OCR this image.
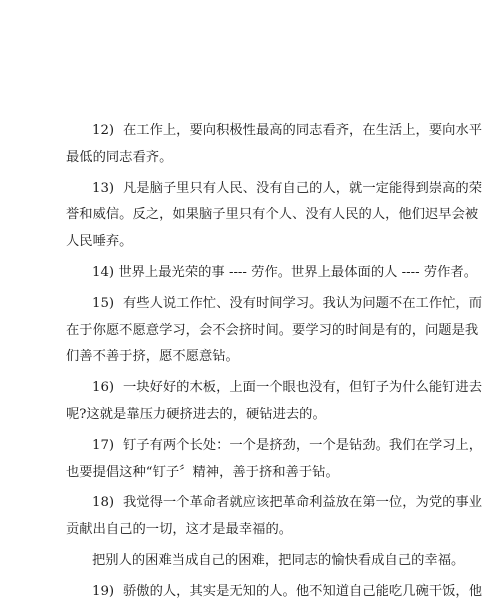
12) 在工作上，要向积极性最高的同志看齐，在生活上，要向水平
最低的同志看齐。

13) 凡是脑子里只有人民、没有自己的人，就一定能得到崇高的荣
誉和威信。反之，如果脑子里只有个人、没有人民的人，他们迟早会被
人民唾弃。

14) 世界上最光荣的事 ---- 劳作。世界上最体面的人 ---- 劳作者。

15) 有些人说工作忙、没有时间学习。我认为问题不在工作忙，而
在于你愿不愿意学习，会不会挤时间。要学习的时间是有的，问题是我
们善不善于挤，愿不愿意钻。

16) 一块好好的木板，上面一个眼也没有，但钉子为什么能钉进去
呢?这就是靠压力硬挤进去的，硬钻进去的。

17) 钉子有两个长处：一个是挤劲，一个是钻劲。我们在学习上，
也要提倡这种“钉子〞精神，善于挤和善于钻。

18) 我觉得一个革命者就应该把革命利益放在第一位，为党的事业
贡献出自己的一切，这才是最幸福的。

把别人的困难当成自己的困难，把同志的愉快看成自己的幸福。

19) 骄傲的人，其实是无知的人。他不知道自己能吃几碗干饭，他
